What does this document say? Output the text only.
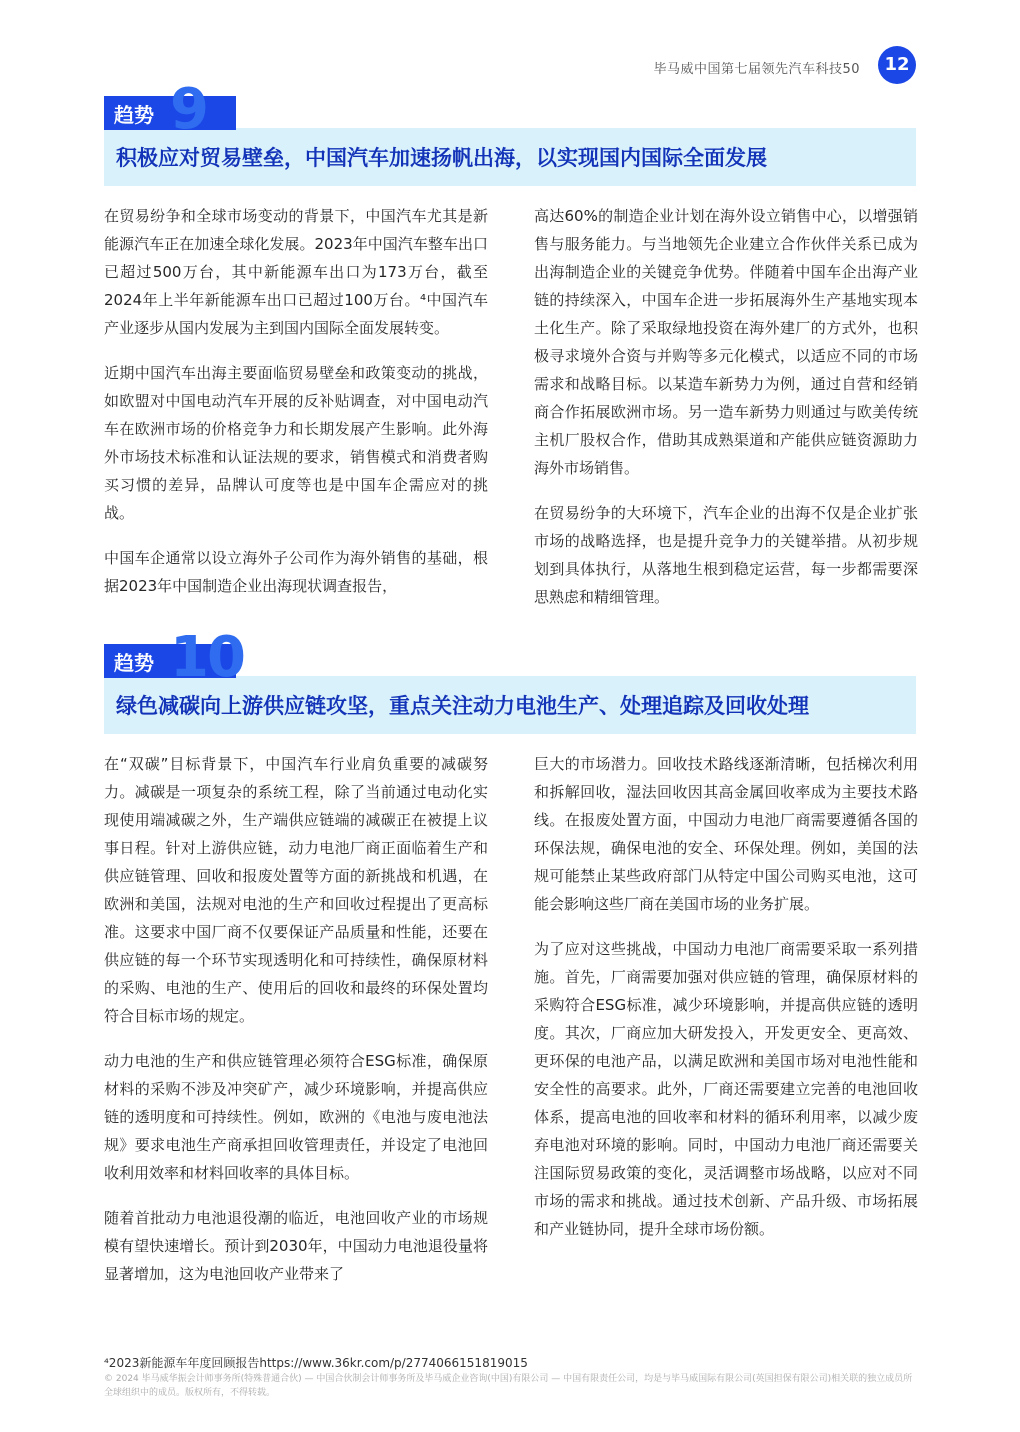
毕马威中国第七届领先汽车科技50	12
趋势 9
积极应对贸易壁垒，中国汽车加速扬帆出海，以实现国内国际全面发展

在贸易纷争和全球市场变动的背景下，中国汽车尤其是新能源汽车正在加速全球化发展。2023年中国汽车整车出口已超过500万台，其中新能源车出口为173万台，截至2024年上半年新能源车出口已超过100万台。⁴中国汽车产业逐步从国内发展为主到国内国际全面发展转变。

近期中国汽车出海主要面临贸易壁垒和政策变动的挑战，如欧盟对中国电动汽车开展的反补贴调查，对中国电动汽车在欧洲市场的价格竞争力和长期发展产生影响。此外海外市场技术标准和认证法规的要求，销售模式和消费者购买习惯的差异，品牌认可度等也是中国车企需应对的挑战。

中国车企通常以设立海外子公司作为海外销售的基础，根据2023年中国制造企业出海现状调查报告，

高达60%的制造企业计划在海外设立销售中心，以增强销售与服务能力。与当地领先企业建立合作伙伴关系已成为出海制造企业的关键竞争优势。伴随着中国车企出海产业链的持续深入，中国车企进一步拓展海外生产基地实现本土化生产。除了采取绿地投资在海外建厂的方式外，也积极寻求境外合资与并购等多元化模式，以适应不同的市场需求和战略目标。以某造车新势力为例，通过自营和经销商合作拓展欧洲市场。另一造车新势力则通过与欧美传统主机厂股权合作，借助其成熟渠道和产能供应链资源助力海外市场销售。

在贸易纷争的大环境下，汽车企业的出海不仅是企业扩张市场的战略选择，也是提升竞争力的关键举措。从初步规划到具体执行，从落地生根到稳定运营，每一步都需要深思熟虑和精细管理。

趋势 10
绿色减碳向上游供应链攻坚，重点关注动力电池生产、处理追踪及回收处理

在“双碳”目标背景下，中国汽车行业肩负重要的减碳努力。减碳是一项复杂的系统工程，除了当前通过电动化实现使用端减碳之外，生产端供应链端的减碳正在被提上议事日程。针对上游供应链，动力电池厂商正面临着生产和供应链管理、回收和报废处置等方面的新挑战和机遇，在欧洲和美国，法规对电池的生产和回收过程提出了更高标准。这要求中国厂商不仅要保证产品质量和性能，还要在供应链的每一个环节实现透明化和可持续性，确保原材料的采购、电池的生产、使用后的回收和最终的环保处置均符合目标市场的规定。

动力电池的生产和供应链管理必须符合ESG标准，确保原材料的采购不涉及冲突矿产，减少环境影响，并提高供应链的透明度和可持续性。例如，欧洲的《电池与废电池法规》要求电池生产商承担回收管理责任，并设定了电池回收利用效率和材料回收率的具体目标。

随着首批动力电池退役潮的临近，电池回收产业的市场规模有望快速增长。预计到2030年，中国动力电池退役量将显著增加，这为电池回收产业带来了

巨大的市场潜力。回收技术路线逐渐清晰，包括梯次利用和拆解回收，湿法回收因其高金属回收率成为主要技术路线。在报废处置方面，中国动力电池厂商需要遵循各国的环保法规，确保电池的安全、环保处理。例如，美国的法规可能禁止某些政府部门从特定中国公司购买电池，这可能会影响这些厂商在美国市场的业务扩展。

为了应对这些挑战，中国动力电池厂商需要采取一系列措施。首先，厂商需要加强对供应链的管理，确保原材料的采购符合ESG标准，减少环境影响，并提高供应链的透明度。其次，厂商应加大研发投入，开发更安全、更高效、更环保的电池产品，以满足欧洲和美国市场对电池性能和安全性的高要求。此外，厂商还需要建立完善的电池回收体系，提高电池的回收率和材料的循环利用率，以减少废弃电池对环境的影响。同时，中国动力电池厂商还需要关注国际贸易政策的变化，灵活调整市场战略，以应对不同市场的需求和挑战。通过技术创新、产品升级、市场拓展和产业链协同，提升全球市场份额。

⁴2023新能源车年度回顾报告https://www.36kr.com/p/2774066151819015
© 2024 毕马威华振会计师事务所(特殊普通合伙) — 中国合伙制会计师事务所及毕马威企业咨询(中国)有限公司 — 中国有限责任公司，均是与毕马威国际有限公司(英国担保有限公司)相关联的独立成员所全球组织中的成员。版权所有，不得转载。
